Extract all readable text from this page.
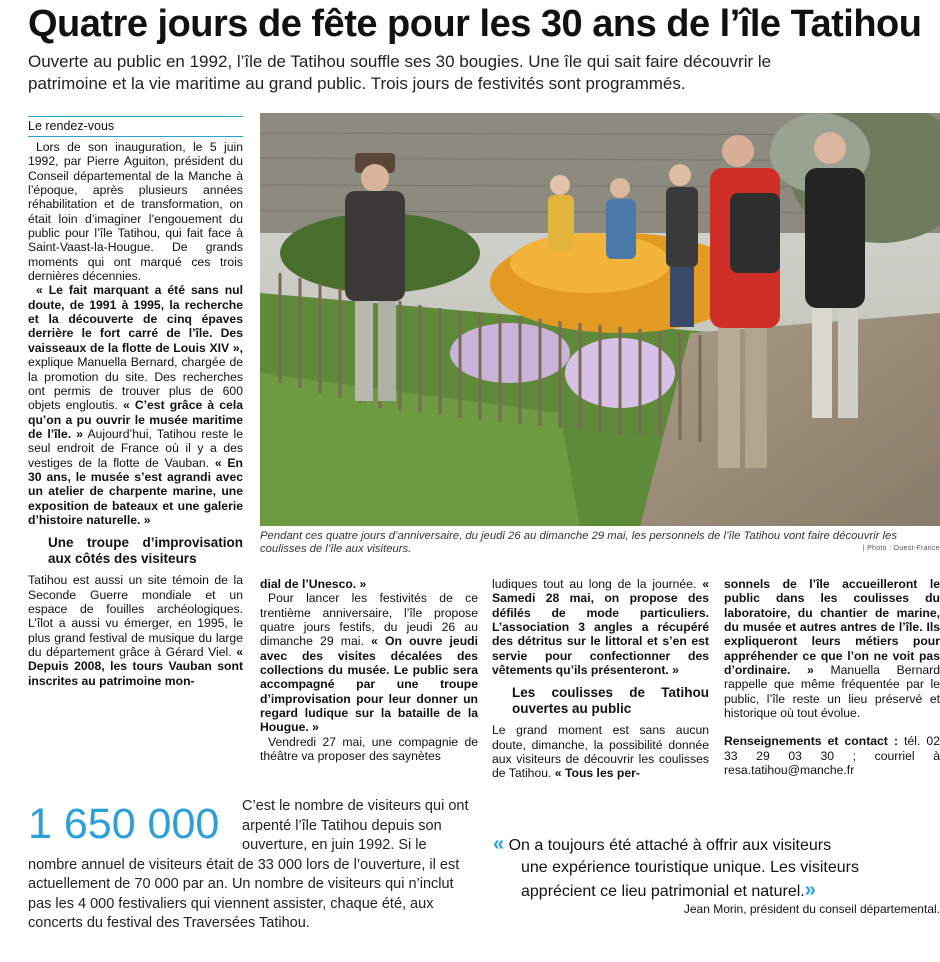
Quatre jours de fête pour les 30 ans de l’île Tatihou
Ouverte au public en 1992, l’île de Tatihou souffle ses 30 bougies. Une île qui sait faire découvrir le patrimoine et la vie maritime au grand public. Trois jours de festivités sont programmés.
Le rendez-vous

Lors de son inauguration, le 5 juin 1992, par Pierre Aguiton, président du Conseil départemental de la Manche à l’époque, après plusieurs années réhabilitation et de transformation, on était loin d’imaginer l’engouement du public pour l’île Tatihou, qui fait face à Saint-Vaast-la-Hougue. De grands moments qui ont marqué ces trois dernières décennies.

« Le fait marquant a été sans nul doute, de 1991 à 1995, la recherche et la découverte de cinq épaves derrière le fort carré de l’île. Des vaisseaux de la flotte de Louis XIV », explique Manuella Bernard, chargée de la promotion du site. Des recherches ont permis de trouver plus de 600 objets engloutis. « C’est grâce à cela qu’on a pu ouvrir le musée maritime de l’île. » Aujourd’hui, Tatihou reste le seul endroit de France où il y a des vestiges de la flotte de Vauban. « En 30 ans, le musée s’est agrandi avec un atelier de charpente marine, une exposition de bateaux et une galerie d’histoire naturelle. »

Une troupe d’improvisation aux côtés des visiteurs

Tatihou est aussi un site témoin de la Seconde Guerre mondiale et un espace de fouilles archéologiques. L’îlot a aussi vu émerger, en 1995, le plus grand festival de musique du large du département grâce à Gérard Viel. « Depuis 2008, les tours Vauban sont inscrites au patrimoine mon-

Pendant ces quatre jours d’anniversaire, du jeudi 26 au dimanche 29 mai, les personnels de l’île Tatihou vont faire découvrir les coulisses de l’île aux visiteurs.	| Photo : Ouest-France

dial de l’Unesco. »

Pour lancer les festivités de ce trentième anniversaire, l’île propose quatre jours festifs, du jeudi 26 au dimanche 29 mai. « On ouvre jeudi avec des visites décalées des collections du musée. Le public sera accompagné par une troupe d’improvisation pour leur donner un regard ludique sur la bataille de la Hougue. »

Vendredi 27 mai, une compagnie de théâtre va proposer des saynètes

ludiques tout au long de la journée. « Samedi 28 mai, on propose des défilés de mode particuliers. L’association 3 angles a récupéré des détritus sur le littoral et s’en est servie pour confectionner des vêtements qu’ils présenteront. »

Les coulisses de Tatihou ouvertes au public

Le grand moment est sans aucun doute, dimanche, la possibilité donnée aux visiteurs de découvrir les coulisses de Tatihou. « Tous les per-

sonnels de l’île accueilleront le public dans les coulisses du laboratoire, du chantier de marine, du musée et autres antres de l’île. Ils expliqueront leurs métiers pour appréhender ce que l’on ne voit pas d’ordinaire. » Manuella Bernard rappelle que même fréquentée par le public, l’île reste un lieu préservé et historique où tout évolue.

Renseignements et contact : tél. 02 33 29 03 30 ; courriel à resa.tatihou@manche.fr

1 650 000	C’est le nombre de visiteurs qui ont arpenté l’île Tatihou depuis son ouverture, en juin 1992. Si le nombre annuel de visiteurs était de 33 000 lors de l’ouverture, il est actuellement de 70 000 par an. Un nombre de visiteurs qui n’inclut pas les 4 000 festivaliers qui viennent assister, chaque été, aux concerts du festival des Traversées Tatihou.
« On a toujours été attaché à offrir aux visiteurs
une expérience touristique unique. Les visiteurs
apprécient ce lieu patrimonial et naturel.»
Jean Morin, président du conseil départemental.
